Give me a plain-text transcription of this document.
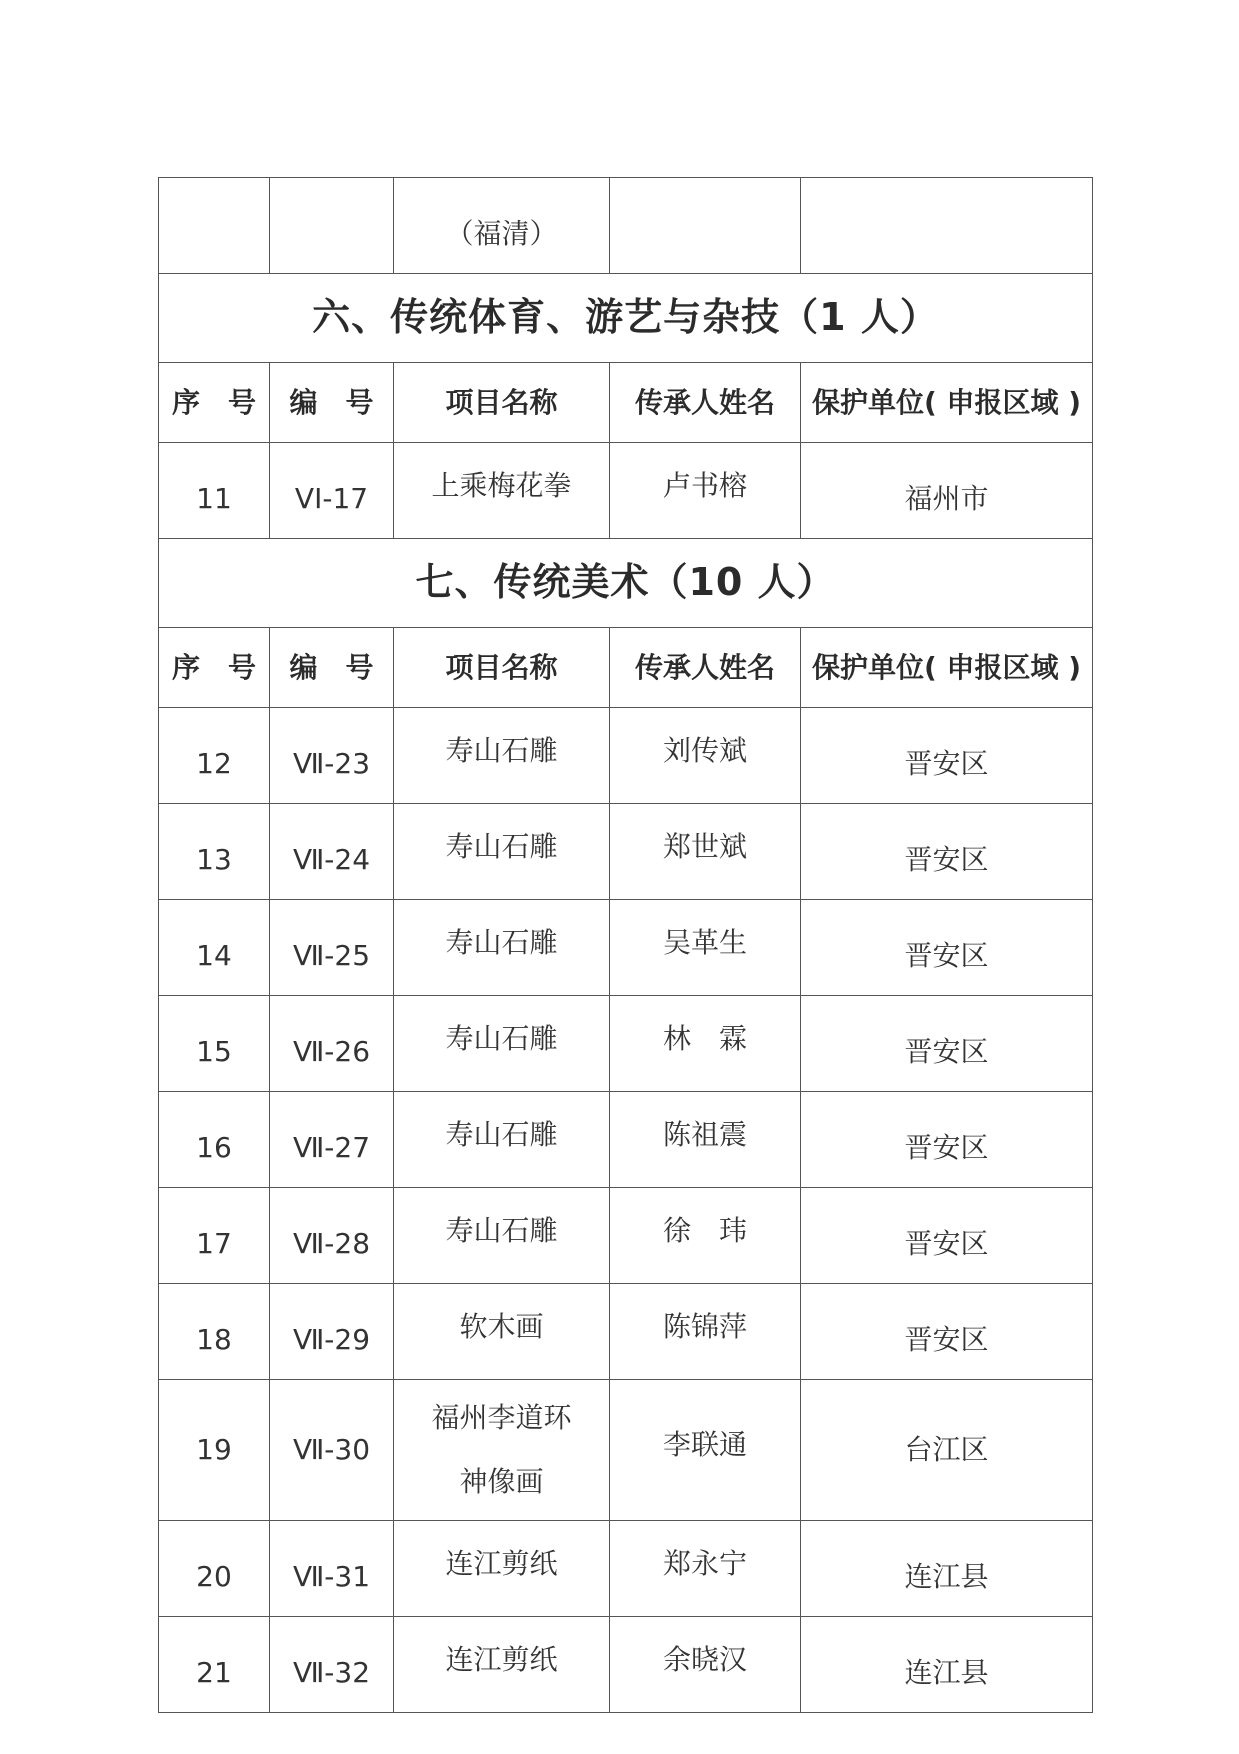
		（福清）		
六、传统体育、游艺与杂技（1 人）				
序　号	编　号	项目名称	传承人姓名	保护单位( 申报区域 )
11	VI-17	上乘梅花拳	卢书榕	福州市
七、传统美术（10 人）				
序　号	编　号	项目名称	传承人姓名	保护单位( 申报区域 )
12	Ⅶ-23	寿山石雕	刘传斌	晋安区
13	Ⅶ-24	寿山石雕	郑世斌	晋安区
14	Ⅶ-25	寿山石雕	吴革生	晋安区
15	Ⅶ-26	寿山石雕	林　霖	晋安区
16	Ⅶ-27	寿山石雕	陈祖震	晋安区
17	Ⅶ-28	寿山石雕	徐　玮	晋安区
18	Ⅶ-29	软木画	陈锦萍	晋安区
19	Ⅶ-30	福州李道环神像画	李联通	台江区
20	Ⅶ-31	连江剪纸	郑永宁	连江县
21	Ⅶ-32	连江剪纸	余晓汉	连江县
